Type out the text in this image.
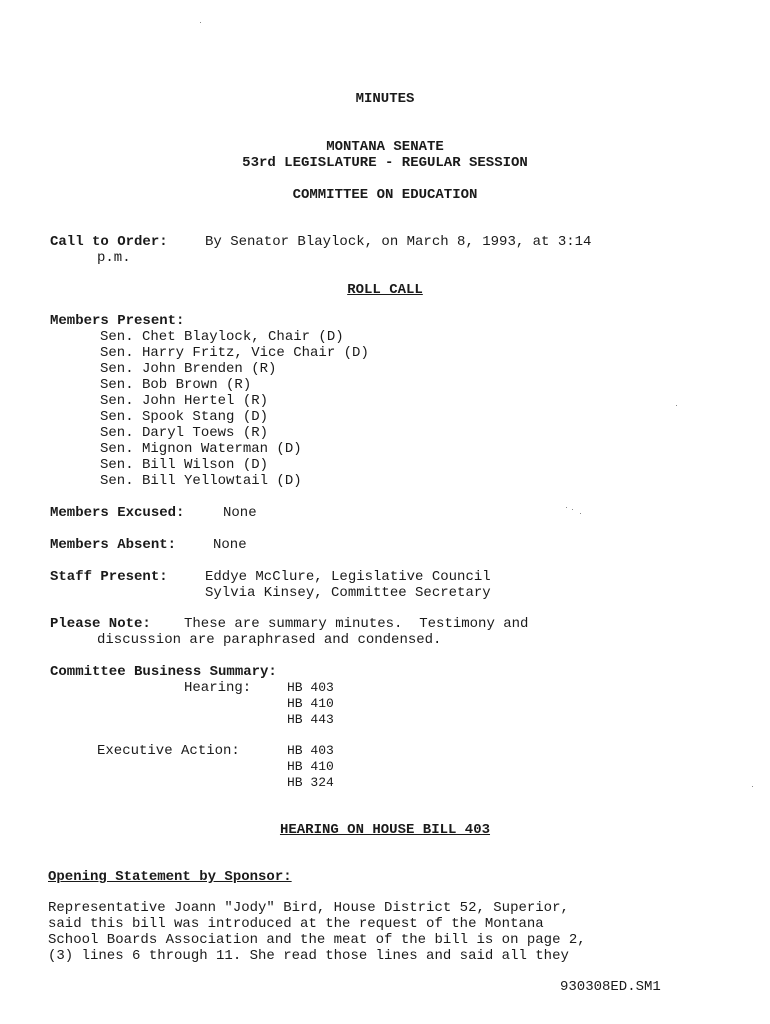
MINUTES
MONTANA SENATE
53rd LEGISLATURE - REGULAR SESSION
COMMITTEE ON EDUCATION
Call to Order:	By Senator Blaylock, on March 8, 1993, at 3:14
p.m.
ROLL CALL
Members Present:
Sen. Chet Blaylock, Chair (D)
Sen. Harry Fritz, Vice Chair (D)
Sen. John Brenden (R)
Sen. Bob Brown (R)
Sen. John Hertel (R)
Sen. Spook Stang (D)
Sen. Daryl Toews (R)
Sen. Mignon Waterman (D)
Sen. Bill Wilson (D)
Sen. Bill Yellowtail (D)
Members Excused:	None
Members Absent:	None
Staff Present:	Eddye McClure, Legislative Council
Sylvia Kinsey, Committee Secretary
Please Note: These are summary minutes.  Testimony and
discussion are paraphrased and condensed.
Committee Business Summary:
Hearing:	HB 403
HB 410
HB 443
Executive Action:	HB 403
HB 410
HB 324
HEARING ON HOUSE BILL 403
Opening Statement by Sponsor:
Representative Joann "Jody" Bird, House District 52, Superior,
said this bill was introduced at the request of the Montana
School Boards Association and the meat of the bill is on page 2,
(3) lines 6 through 11. She read those lines and said all they
930308ED.SM1
